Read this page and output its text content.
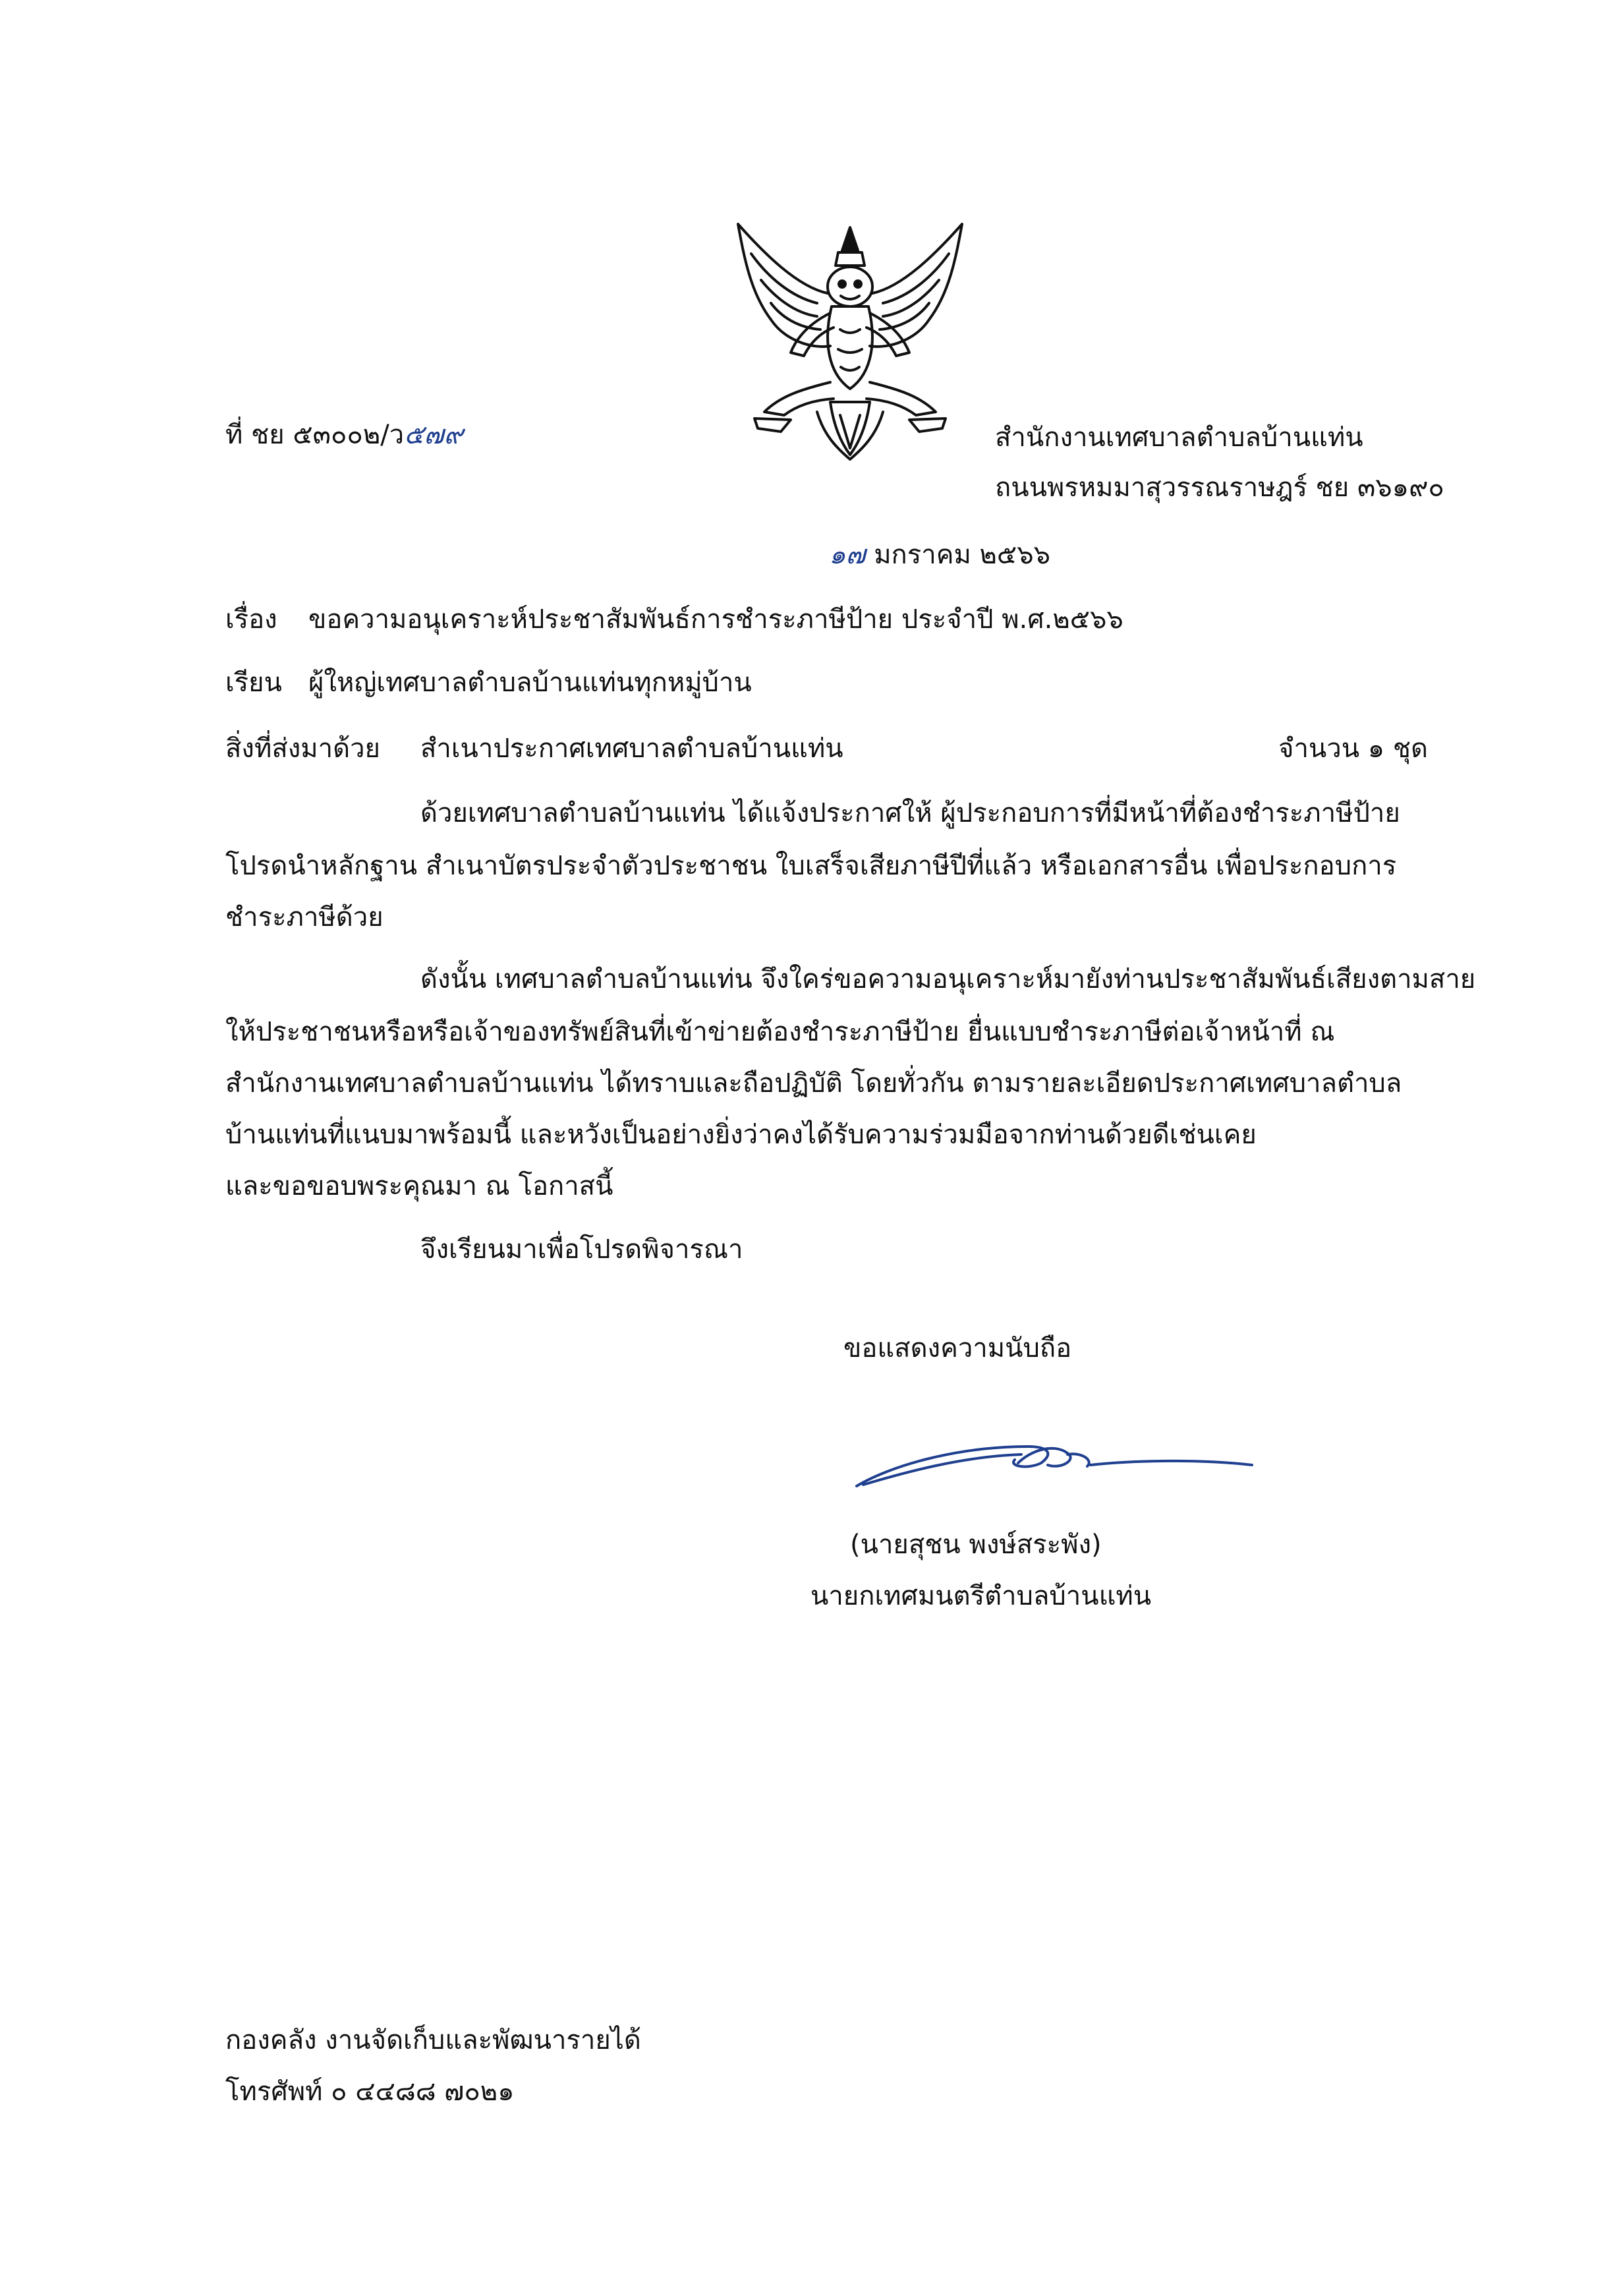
ที่ ชย ๕๓๐๐๒/ว๕๗๙	สำนักงานเทศบาลตำบลบ้านแท่น
ถนนพรหมมาสุวรรณราษฎร์ ชย ๓๖๑๙๐
๑๗ มกราคม ๒๕๖๖
เรื่อง ขอความอนุเคราะห์ประชาสัมพันธ์การชำระภาษีป้าย ประจำปี พ.ศ.๒๕๖๖
เรียน ผู้ใหญ่เทศบาลตำบลบ้านแท่นทุกหมู่บ้าน
สิ่งที่ส่งมาด้วย สำเนาประกาศเทศบาลตำบลบ้านแท่น	จำนวน ๑ ชุด
ด้วยเทศบาลตำบลบ้านแท่น ได้แจ้งประกาศให้ ผู้ประกอบการที่มีหน้าที่ต้องชำระภาษีป้าย
โปรดนำหลักฐาน สำเนาบัตรประจำตัวประชาชน ใบเสร็จเสียภาษีปีที่แล้ว หรือเอกสารอื่น เพื่อประกอบการ
ชำระภาษีด้วย
ดังนั้น เทศบาลตำบลบ้านแท่น จึงใคร่ขอความอนุเคราะห์มายังท่านประชาสัมพันธ์เสียงตามสาย
ให้ประชาชนหรือหรือเจ้าของทรัพย์สินที่เข้าข่ายต้องชำระภาษีป้าย ยื่นแบบชำระภาษีต่อเจ้าหน้าที่ ณ
สำนักงานเทศบาลตำบลบ้านแท่น ได้ทราบและถือปฏิบัติ โดยทั่วกัน ตามรายละเอียดประกาศเทศบาลตำบล
บ้านแท่นที่แนบมาพร้อมนี้ และหวังเป็นอย่างยิ่งว่าคงได้รับความร่วมมือจากท่านด้วยดีเช่นเคย
และขอขอบพระคุณมา ณ โอกาสนี้
จึงเรียนมาเพื่อโปรดพิจารณา
ขอแสดงความนับถือ
(นายสุชน พงษ์สระพัง)
นายกเทศมนตรีตำบลบ้านแท่น
กองคลัง งานจัดเก็บและพัฒนารายได้
โทรศัพท์ ๐ ๔๔๘๘ ๗๐๒๑
